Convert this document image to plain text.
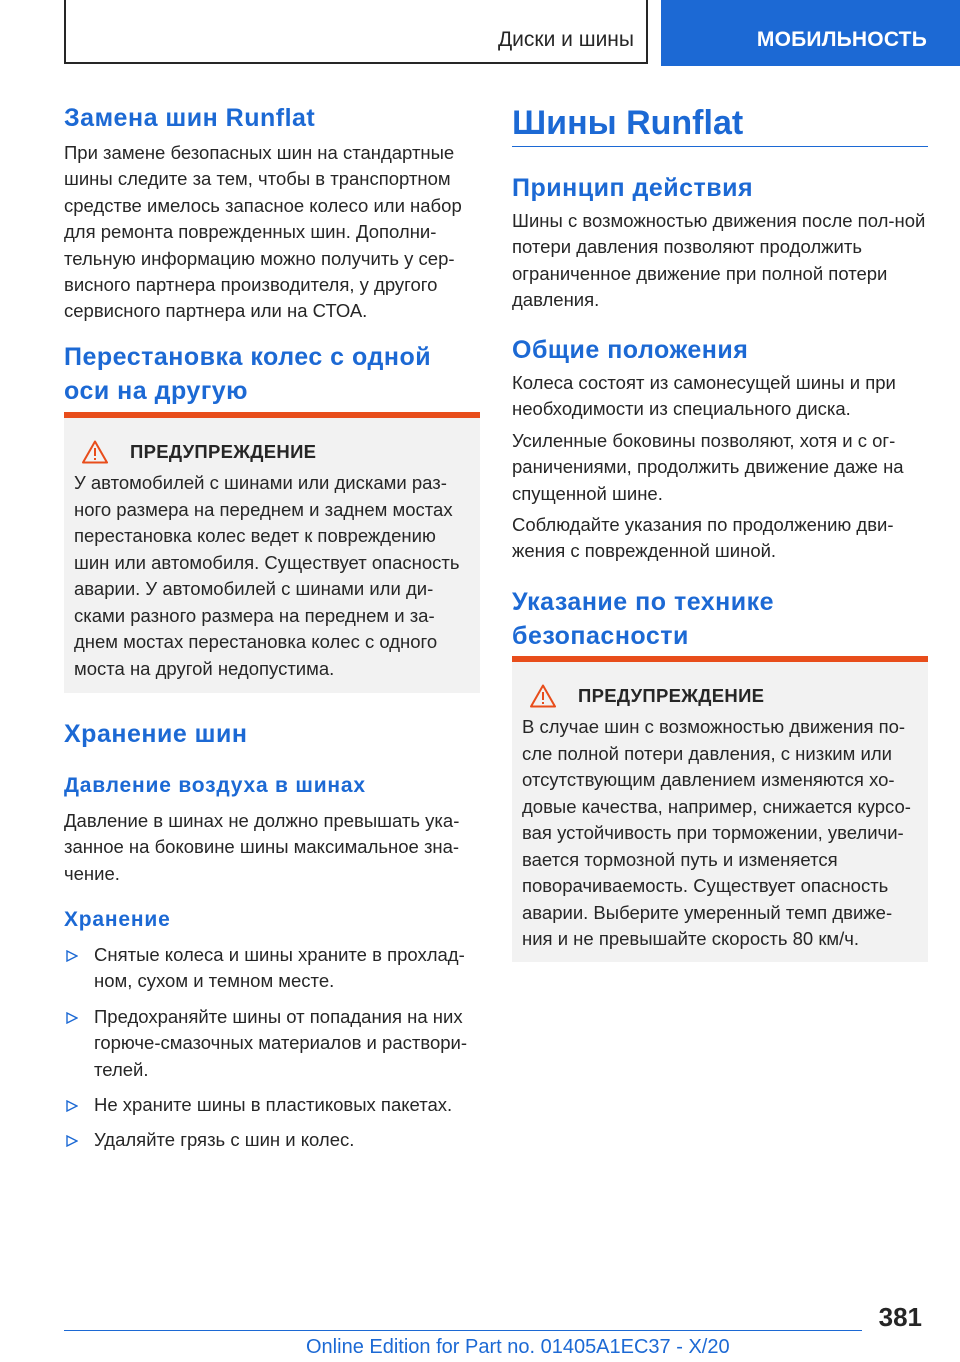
Диски и шины	МОБИЛЬНОСТЬ
Замена шин Runflat
При замене безопасных шин на стандартные шины следите за тем, чтобы в транспортном средстве имелось запасное колесо или набор для ремонта поврежденных шин. Дополни-тельную информацию можно получить у сер-висного партнера производителя, у другого сервисного партнера или на СТОА.
Перестановка колес с одной оси на другую
ПРЕДУПРЕЖДЕНИЕ
У автомобилей с шинами или дисками раз-ного размера на переднем и заднем мостах перестановка колес ведет к повреждению шин или автомобиля. Существует опасность аварии. У автомобилей с шинами или ди-сками разного размера на переднем и за-днем мостах перестановка колес с одного моста на другой недопустима.
Хранение шин
Давление воздуха в шинах
Давление в шинах не должно превышать ука-занное на боковине шины максимальное зна-чение.
Хранение
Снятые колеса и шины храните в прохлад-ном, сухом и темном месте.
Предохраняйте шины от попадания на них горюче-смазочных материалов и раствори-телей.
Не храните шины в пластиковых пакетах.
Удаляйте грязь с шин и колес.
Шины Runflat
Принцип действия
Шины с возможностью движения после пол-ной потери давления позволяют продолжить ограниченное движение при полной потери давления.
Общие положения
Колеса состоят из самонесущей шины и при необходимости из специального диска.
Усиленные боковины позволяют, хотя и с ог-раничениями, продолжить движение даже на спущенной шине.
Соблюдайте указания по продолжению дви-жения с поврежденной шиной.
Указание по технике безопасности
ПРЕДУПРЕЖДЕНИЕ
В случае шин с возможностью движения по-сле полной потери давления, с низким или отсутствующим давлением изменяются хо-довые качества, например, снижается курсо-вая устойчивость при торможении, увеличи-вается тормозной путь и изменяется поворачиваемость. Существует опасность аварии. Выберите умеренный темп движе-ния и не превышайте скорость 80 км/ч.
381
Online Edition for Part no. 01405A1EC37 - X/20
